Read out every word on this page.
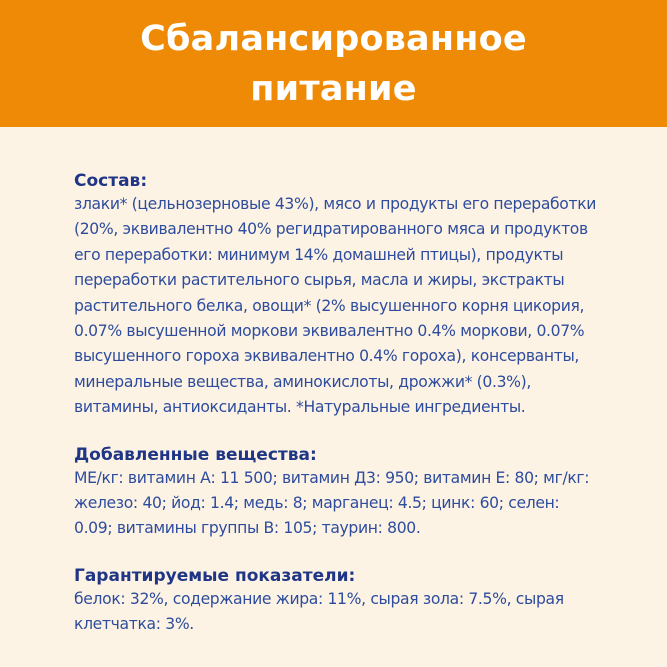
Сбалансированное
питание
Состав:
злаки* (цельнозерновые 43%), мясо и продукты его переработки
(20%, эквивалентно 40% регидратированного мяса и продуктов
его переработки: минимум 14% домашней птицы), продукты
переработки растительного сырья, масла и жиры, экстракты
растительного белка, овощи* (2% высушенного корня цикория,
0.07% высушенной моркови эквивалентно 0.4% моркови, 0.07%
высушенного гороха эквивалентно 0.4% гороха), консерванты,
минеральные вещества, аминокислоты, дрожжи* (0.3%),
витамины, антиоксиданты. *Натуральные ингредиенты.
Добавленные вещества:
МЕ/кг: витамин А: 11 500; витамин Д3: 950; витамин Е: 80; мг/кг:
железо: 40; йод: 1.4; медь: 8; марганец: 4.5; цинк: 60; селен:
0.09; витамины группы В: 105; таурин: 800.
Гарантируемые показатели:
белок: 32%, содержание жира: 11%, сырая зола: 7.5%, сырая
клетчатка: 3%.
